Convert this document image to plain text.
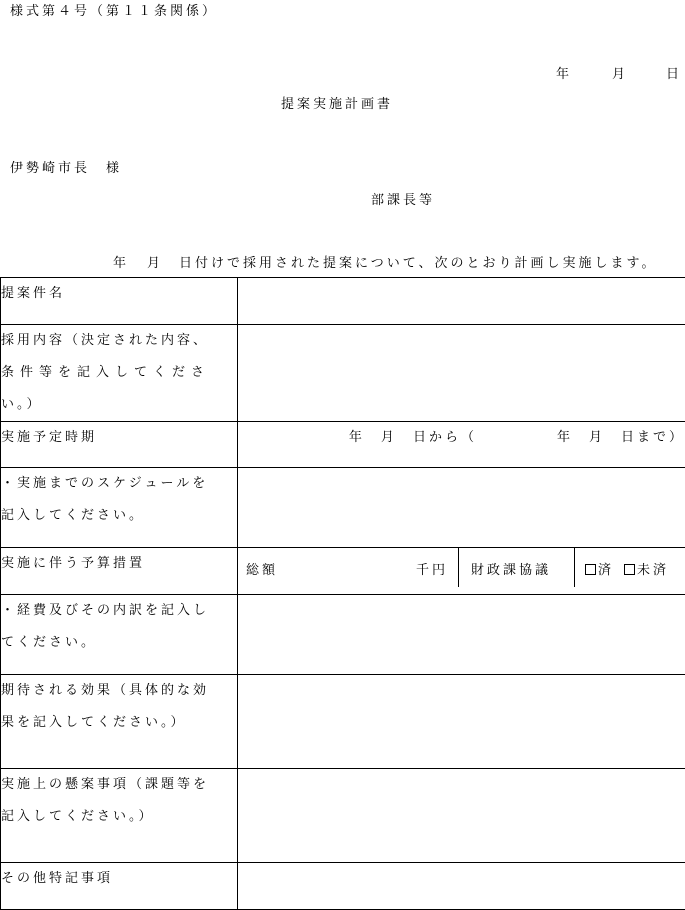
様式第４号（第１１条関係）
年	月	日
提案実施計画書
伊勢崎市長　様
部課長等
年 月 日付けで採用された提案について、次のとおり計画し実施します。
提案件名	

採用内容（決定された内容、
条件等を記入してくださ
い。）	

実施予定時期	年 月 日から（ 年 月 日まで）

・実施までのスケジュールを
記入してください。	

実施に伴う予算措置	総額 千円 財政課協議 済 未済

・経費及びその内訳を記入し
てください。	

期待される効果（具体的な効
果を記入してください。）	

実施上の懸案事項（課題等を
記入してください。）	

その他特記事項	
